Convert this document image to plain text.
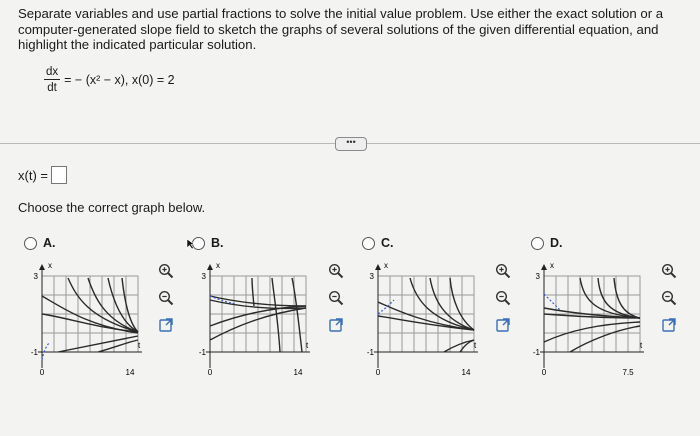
Separate variables and use partial fractions to solve the initial value problem. Use either the exact solution or a computer-generated slope field to sketch the graphs of several solutions of the given differential equation, and highlight the indicated particular solution.
$\frac{dx}{dt}$ = − (x² − x), x(0) = 2
•••
x(t) =
Choose the correct graph below.
A.	B.	C.	D.
3
-1
0	14
x
t
3
-1
0	14
x
t
3
-1
0	14
x
t
3
-1
0	7.5
x
t
